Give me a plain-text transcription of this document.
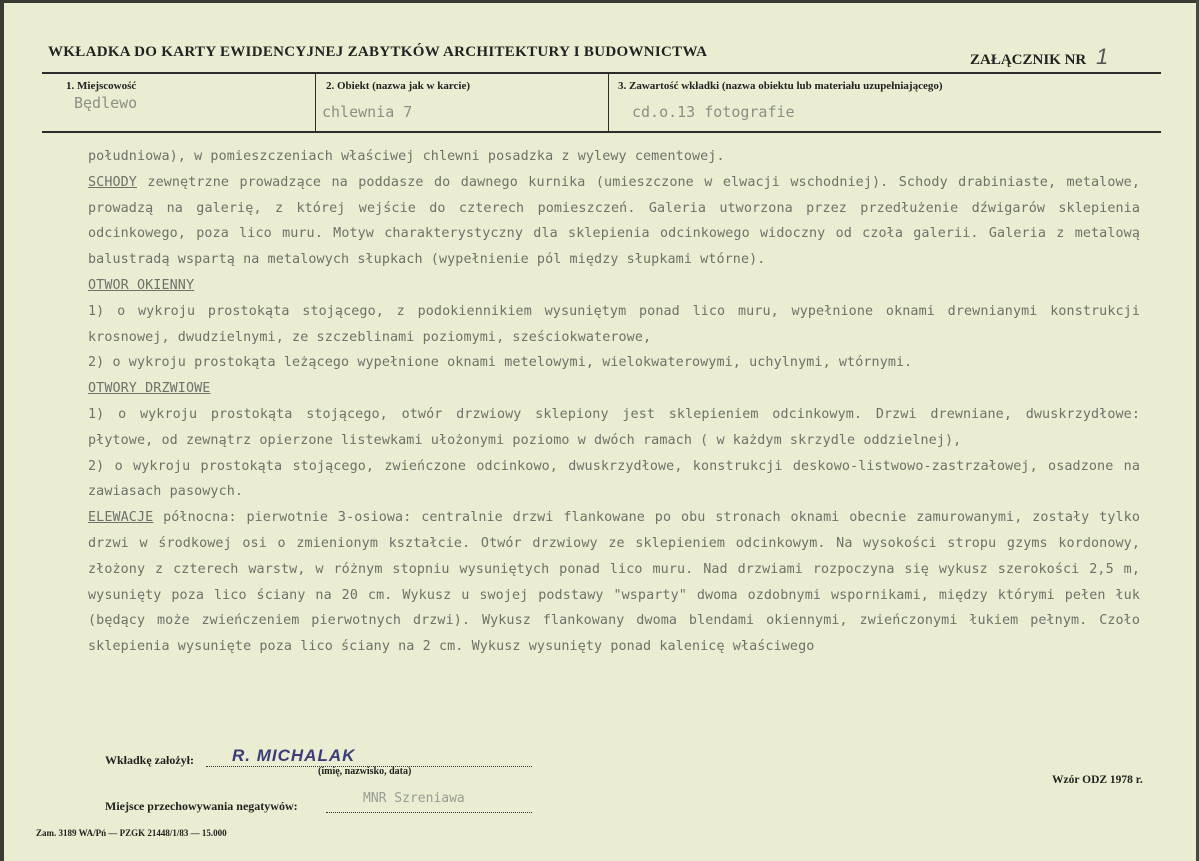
WKŁADKA DO KARTY EWIDENCYJNEJ ZABYTKÓW ARCHITEKTURY I BUDOWNICTWA	ZAŁĄCZNIK NR 1
1. Miejscowość
Będlewo
2. Obiekt (nazwa jak w karcie)
chlewnia 7
3. Zawartość wkładki (nazwa obiektu lub materiału uzupełniającego)
cd.o.13 fotografie

południowa), w pomieszczeniach właściwej chlewni posadzka z wylewy cementowej.

SCHODY zewnętrzne prowadzące na poddasze do dawnego kurnika (umieszczone w elwacji wschodniej). Schody drabiniaste, metalowe, prowadzą na galerię, z której wejście do czterech pomieszczeń. Galeria utworzona przez przedłużenie dźwigarów sklepienia odcinkowego, poza lico muru. Motyw charakterystyczny dla sklepienia odcinkowego widoczny od czoła galerii. Galeria z metalową balustradą wspartą na metalowych słupkach (wypełnienie pól między słupkami wtórne).

OTWOR OKIENNY

1) o wykroju prostokąta stojącego, z podokiennikiem wysuniętym ponad lico muru, wypełnione oknami drewnianymi konstrukcji krosnowej, dwudzielnymi, ze szczeblinami poziomymi, sześciokwaterowe,

2) o wykroju prostokąta leżącego wypełnione oknami metelowymi, wielokwaterowymi, uchylnymi, wtórnymi.

OTWORY DRZWIOWE

1) o wykroju prostokąta stojącego, otwór drzwiowy sklepiony jest sklepieniem odcinkowym. Drzwi drewniane, dwuskrzydłowe: płytowe, od zewnątrz opierzone listewkami ułożonymi poziomo w dwóch ramach ( w każdym skrzydle oddzielnej),

2) o wykroju prostokąta stojącego, zwieńczone odcinkowo, dwuskrzydłowe, konstrukcji deskowo-listwowo-zastrzałowej, osadzone na zawiasach pasowych.

ELEWACJE północna: pierwotnie 3-osiowa: centralnie drzwi flankowane po obu stronach oknami obecnie zamurowanymi, zostały tylko drzwi w środkowej osi o zmienionym kształcie. Otwór drzwiowy ze sklepieniem odcinkowym. Na wysokości stropu gzyms kordonowy, złożony z czterech warstw, w różnym stopniu wysuniętych ponad lico muru. Nad drzwiami rozpoczyna się wykusz szerokości 2,5 m, wysunięty poza lico ściany na 20 cm. Wykusz u swojej podstawy "wsparty" dwoma ozdobnymi wspornikami, między którymi pełen łuk (będący może zwieńczeniem pierwotnych drzwi). Wykusz flankowany dwoma blendami okiennymi, zwieńczonymi łukiem pełnym. Czoło sklepienia wysunięte poza lico ściany na 2 cm. Wykusz wysunięty ponad kalenicę właściwego

Wkładkę założył: R. MICHALAK
(imię, nazwisko, data)
Wzór ODZ 1978 r.
Miejsce przechowywania negatywów:	MNR Szreniawa
Zam. 3189 WA/Pń — PZGK 21448/1/83 — 15.000
